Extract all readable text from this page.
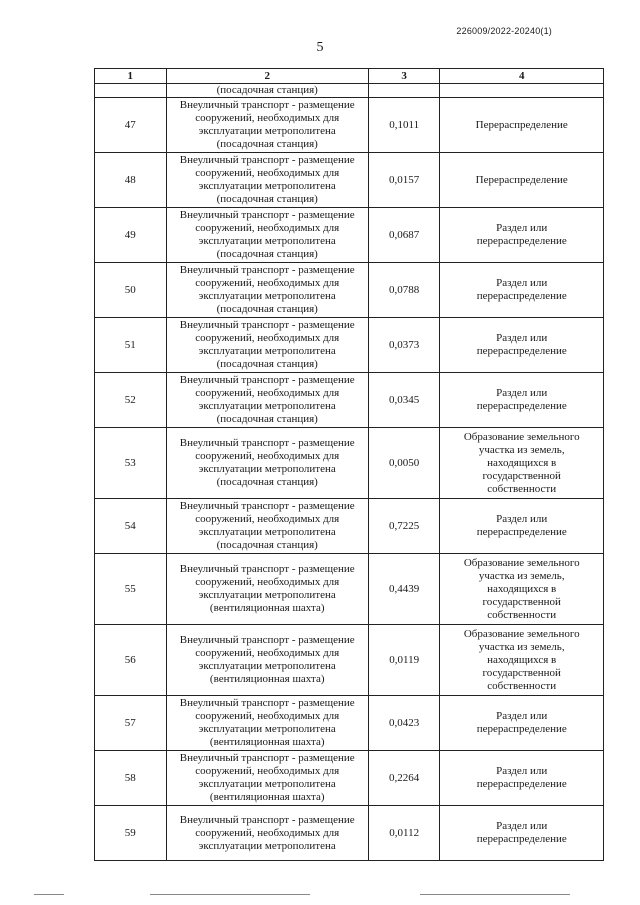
226009/2022-20240(1)
5
1	2	3	4

	(посадочная станция)		

47	Внеуличный транспорт - размещение
сооружений, необходимых для
эксплуатации метрополитена
(посадочная станция)	0,1011	Перераспределение

48	Внеуличный транспорт - размещение
сооружений, необходимых для
эксплуатации метрополитена
(посадочная станция)	0,0157	Перераспределение

49	Внеуличный транспорт - размещение
сооружений, необходимых для
эксплуатации метрополитена
(посадочная станция)	0,0687	Раздел или
перераспределение

50	Внеуличный транспорт - размещение
сооружений, необходимых для
эксплуатации метрополитена
(посадочная станция)	0,0788	Раздел или
перераспределение

51	Внеуличный транспорт - размещение
сооружений, необходимых для
эксплуатации метрополитена
(посадочная станция)	0,0373	Раздел или
перераспределение

52	Внеуличный транспорт - размещение
сооружений, необходимых для
эксплуатации метрополитена
(посадочная станция)	0,0345	Раздел или
перераспределение

53	Внеуличный транспорт - размещение
сооружений, необходимых для
эксплуатации метрополитена
(посадочная станция)	0,0050	Образование земельного
участка из земель,
находящихся в
государственной
собственности

54	Внеуличный транспорт - размещение
сооружений, необходимых для
эксплуатации метрополитена
(посадочная станция)	0,7225	Раздел или
перераспределение

55	Внеуличный транспорт - размещение
сооружений, необходимых для
эксплуатации метрополитена
(вентиляционная шахта)	0,4439	Образование земельного
участка из земель,
находящихся в
государственной
собственности

56	Внеуличный транспорт - размещение
сооружений, необходимых для
эксплуатации метрополитена
(вентиляционная шахта)	0,0119	Образование земельного
участка из земель,
находящихся в
государственной
собственности

57	Внеуличный транспорт - размещение
сооружений, необходимых для
эксплуатации метрополитена
(вентиляционная шахта)	0,0423	Раздел или
перераспределение

58	Внеуличный транспорт - размещение
сооружений, необходимых для
эксплуатации метрополитена
(вентиляционная шахта)	0,2264	Раздел или
перераспределение

59	Внеуличный транспорт - размещение
сооружений, необходимых для
эксплуатации метрополитена	0,0112	Раздел или
перераспределение
